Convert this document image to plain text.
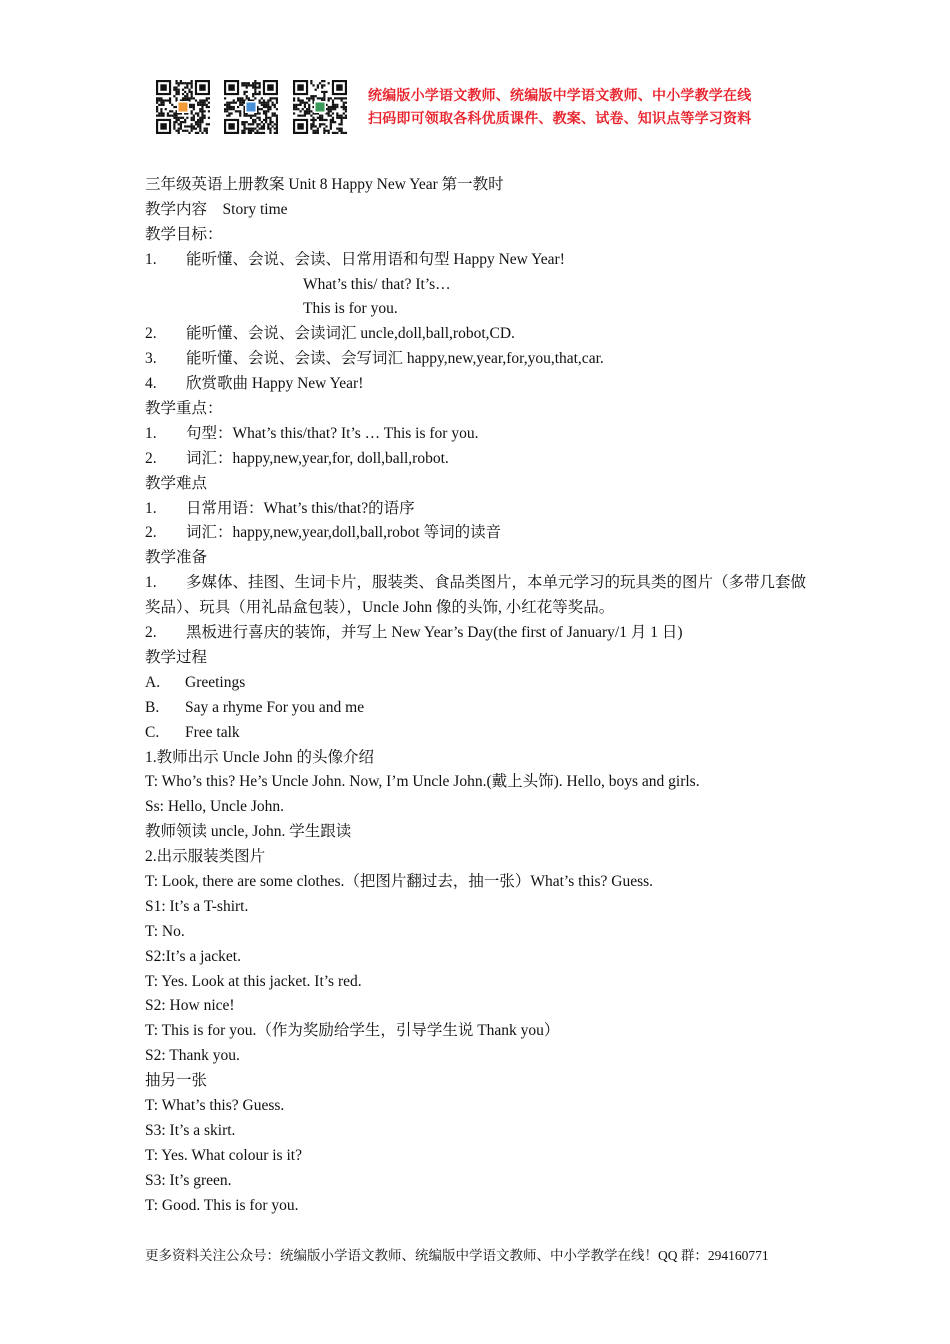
统编版小学语文教师、统编版中学语文教师、中小学教学在线
扫码即可领取各科优质课件、教案、试卷、知识点等学习资料
三年级英语上册教案 Unit 8 Happy New Year 第一教时
教学内容 Story time
教学目标：
1. 能听懂、会说、会读、日常用语和句型 Happy New Year!
What’s this/ that? It’s…
This is for you.
2. 能听懂、会说、会读词汇 uncle,doll,ball,robot,CD.
3. 能听懂、会说、会读、会写词汇 happy,new,year,for,you,that,car.
4. 欣赏歌曲 Happy New Year!
教学重点：
1. 句型：What’s this/that? It’s … This is for you.
2. 词汇：happy,new,year,for, doll,ball,robot.
教学难点
1. 日常用语：What’s this/that?的语序
2. 词汇：happy,new,year,doll,ball,robot 等词的读音
教学准备
1. 多媒体、挂图、生词卡片，服装类、食品类图片，本单元学习的玩具类的图片（多带几套做奖品）、玩具（用礼品盒包装），Uncle John 像的头饰, 小红花等奖品。
2. 黑板进行喜庆的装饰，并写上 New Year’s Day(the first of January/1 月 1 日)
教学过程
A. Greetings
B. Say a rhyme For you and me
C. Free talk
1.教师出示 Uncle John 的头像介绍
T: Who’s this? He’s Uncle John. Now, I’m Uncle John.(戴上头饰). Hello, boys and girls.
Ss: Hello, Uncle John.
教师领读 uncle, John. 学生跟读
2.出示服装类图片
T: Look, there are some clothes.（把图片翻过去，抽一张）What’s this? Guess.
S1: It’s a T-shirt.
T: No.
S2:It’s a jacket.
T: Yes. Look at this jacket. It’s red.
S2: How nice!
T: This is for you.（作为奖励给学生，引导学生说 Thank you）
S2: Thank you.
抽另一张
T: What’s this? Guess.
S3: It’s a skirt.
T: Yes. What colour is it?
S3: It’s green.
T: Good. This is for you.
更多资料关注公众号：统编版小学语文教师、统编版中学语文教师、中小学教学在线！QQ 群：294160771
